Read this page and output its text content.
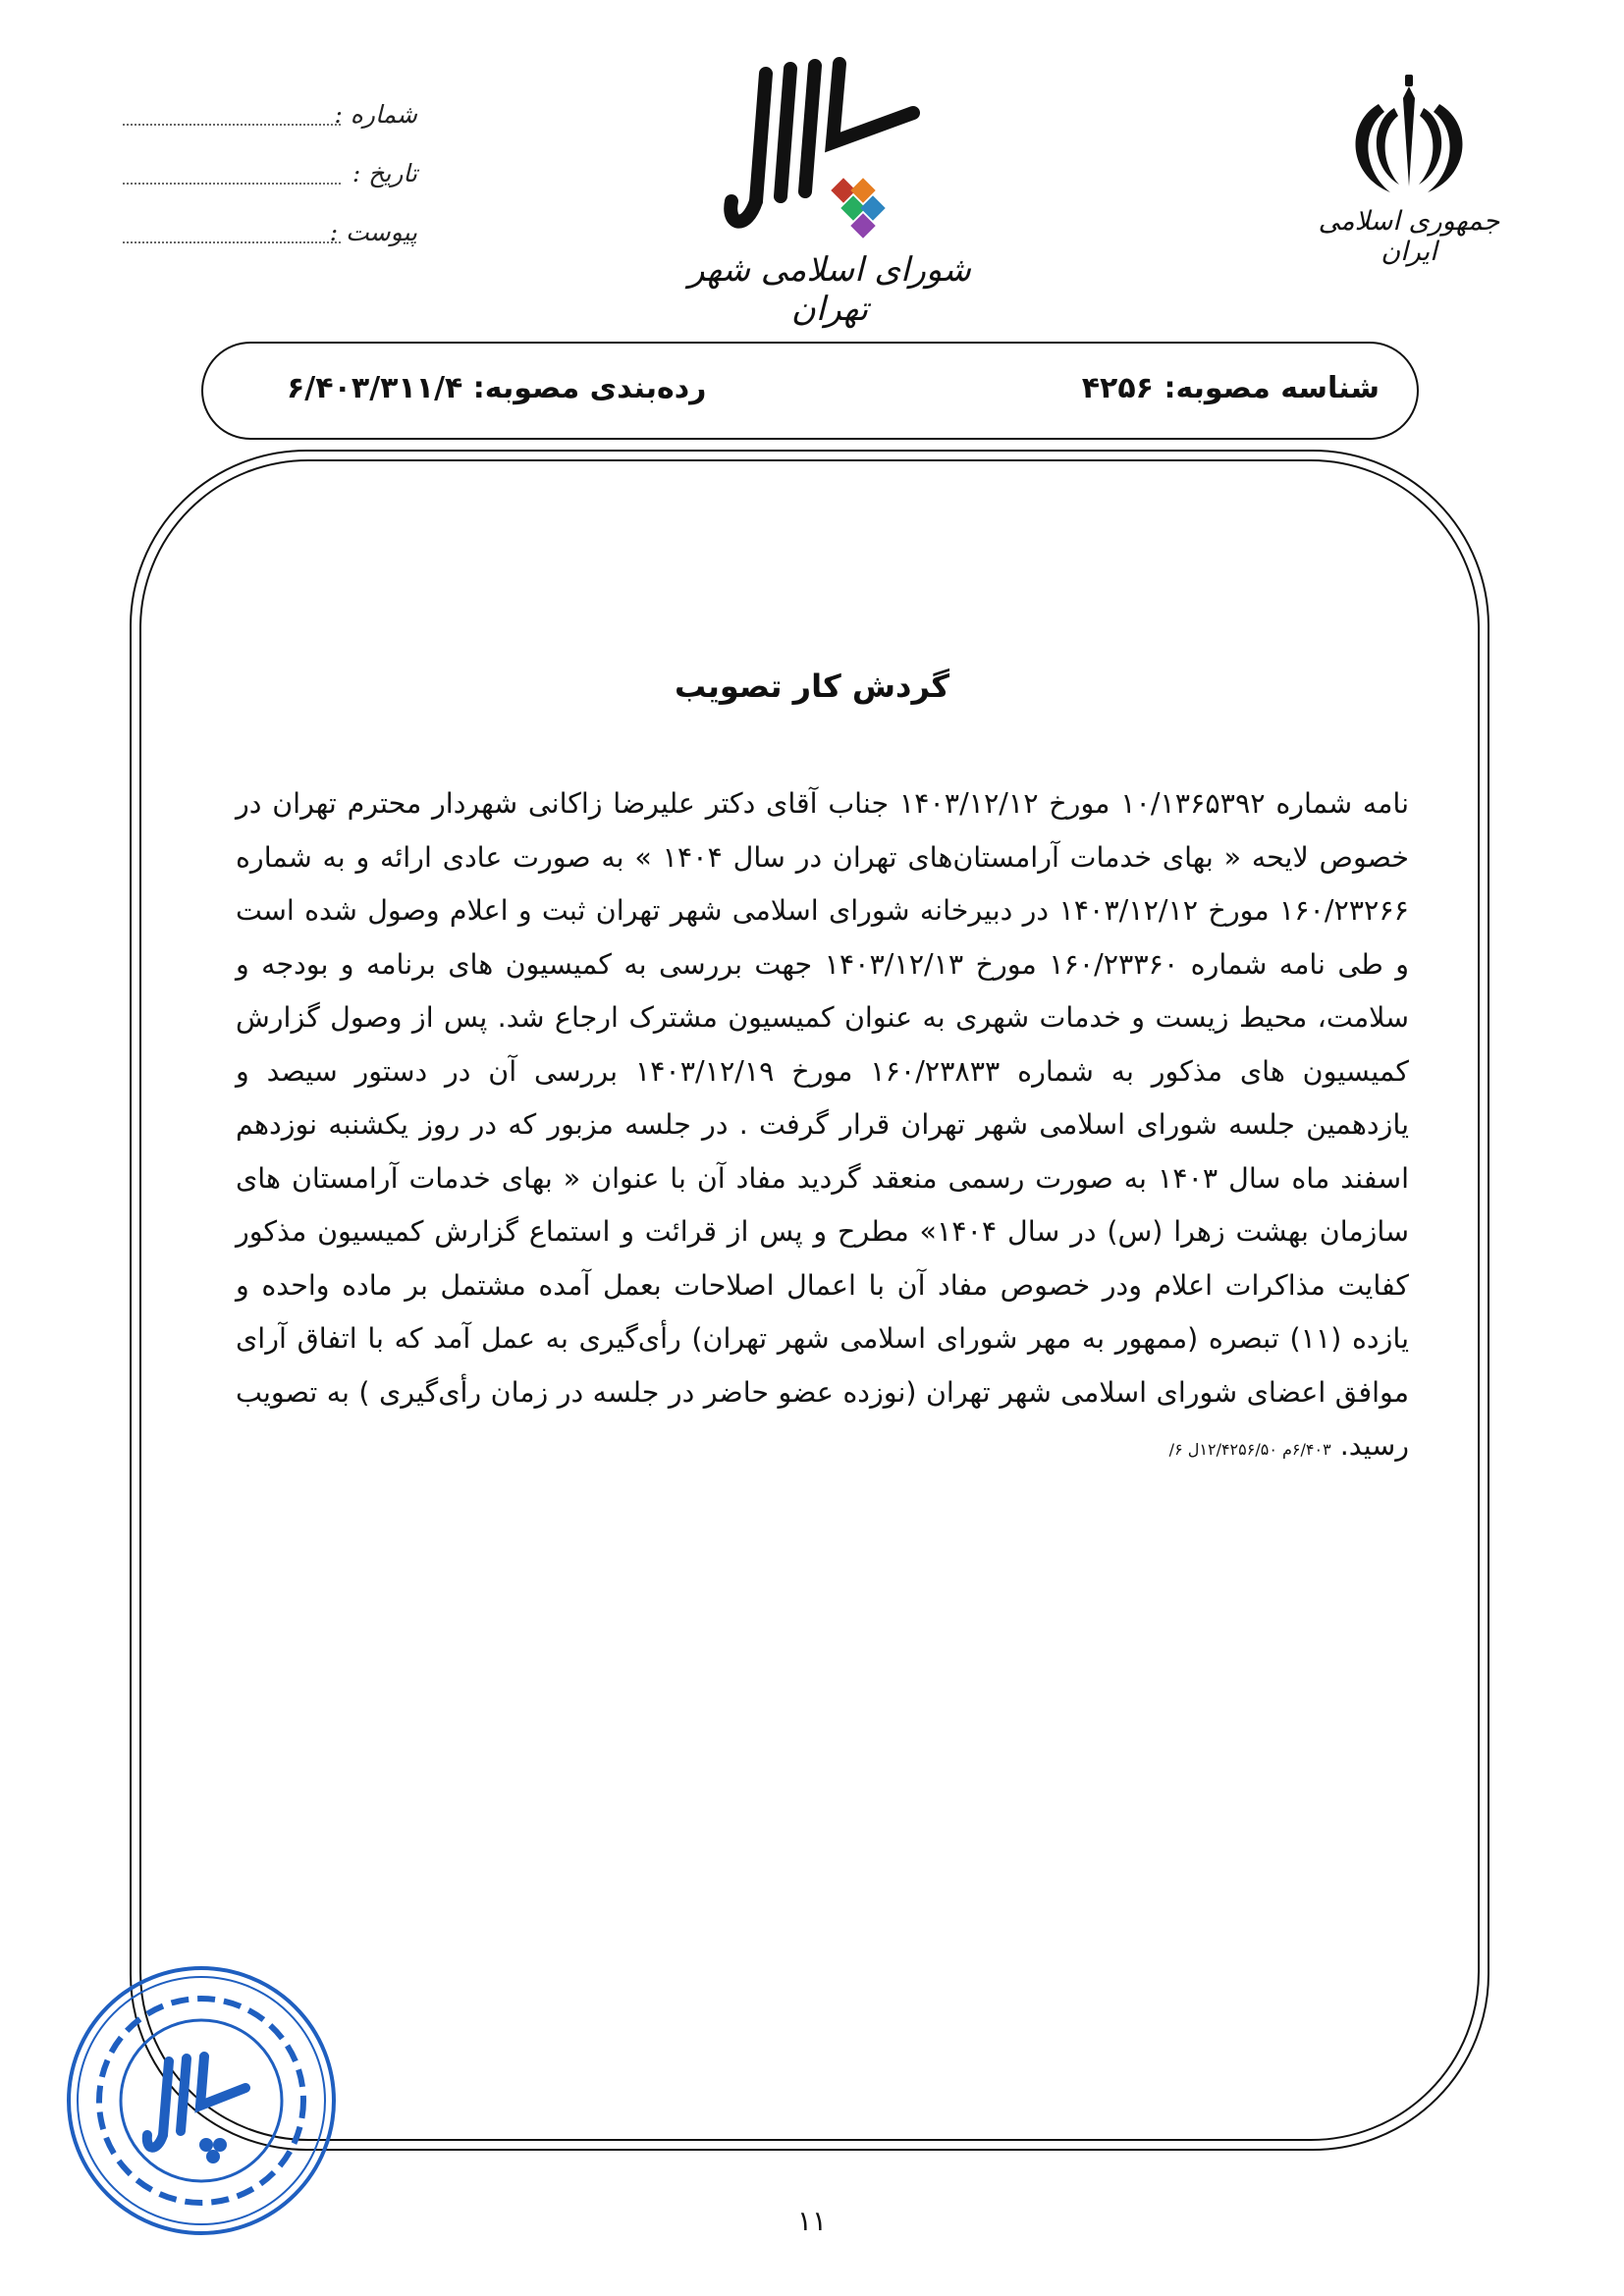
شماره :
تاریخ :
پیوست :	جمهوری اسلامی ایران
شورای اسلامی شهر تهران
شناسه مصوبه: ۴۲۵۶
رده‌بندی مصوبه: ۶/۴۰۳/۳۱۱/۴
گردش کار تصویب
نامه شماره ۱۰/۱۳۶۵۳۹۲ مورخ ۱۴۰۳/۱۲/۱۲ جناب آقای دکتر علیرضا زاکانی شهردار محترم تهران در خصوص لایحه « بهای خدمات آرامستان‌های تهران در سال ۱۴۰۴ » به صورت عادی ارائه و به شماره ۱۶۰/۲۳۲۶۶ مورخ ۱۴۰۳/۱۲/۱۲ در دبیرخانه شورای اسلامی شهر تهران ثبت و اعلام وصول شده است و طی نامه شماره ۱۶۰/۲۳۳۶۰ مورخ ۱۴۰۳/۱۲/۱۳ جهت بررسی به کمیسیون های برنامه و بودجه و سلامت، محیط زیست و خدمات شهری به عنوان کمیسیون مشترک ارجاع شد. پس از وصول گزارش کمیسیون های مذکور به شماره ۱۶۰/۲۳۸۳۳ مورخ ۱۴۰۳/۱۲/۱۹ بررسی آن در دستور سیصد و یازدهمین جلسه شورای اسلامی شهر تهران قرار گرفت . در جلسه مزبور که در روز یکشنبه نوزدهم اسفند ماه سال ۱۴۰۳ به صورت رسمی منعقد گردید مفاد آن با عنوان « بهای خدمات آرامستان های سازمان بهشت زهرا (س) در سال ۱۴۰۴» مطرح و پس از قرائت و استماع گزارش کمیسیون مذکور کفایت مذاکرات اعلام ودر خصوص مفاد آن با اعمال اصلاحات بعمل آمده مشتمل بر ماده واحده و یازده (۱۱) تبصره (ممهور به مهر شورای اسلامی شهر تهران) رأی‌گیری به عمل آمد که با اتفاق آرای موافق اعضای شورای اسلامی شهر تهران (نوزده عضو حاضر در جلسه در زمان رأی‌گیری ) به تصویب رسید. ۶/۴۰۳م ۱۲/۴۲۵۶/۵۰ل ۶/
۱۱
